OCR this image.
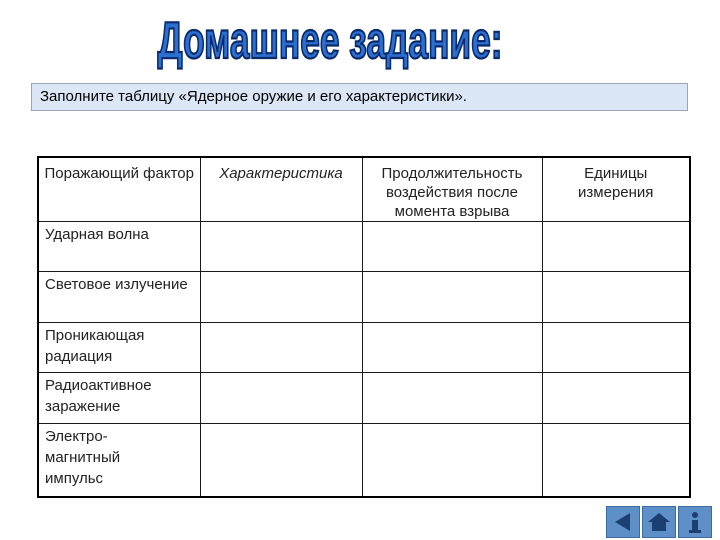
Домашнее задание:
Заполните таблицу «Ядерное оружие и его характеристики».
Поражающий фактор	Характеристика	Продолжительность воздействия после момента взрыва	Единицы измерения

Ударная волна			

Световое излучение			

Проникающая радиация			

Радиоактивное заражение			

Электро- магнитный импульс			
